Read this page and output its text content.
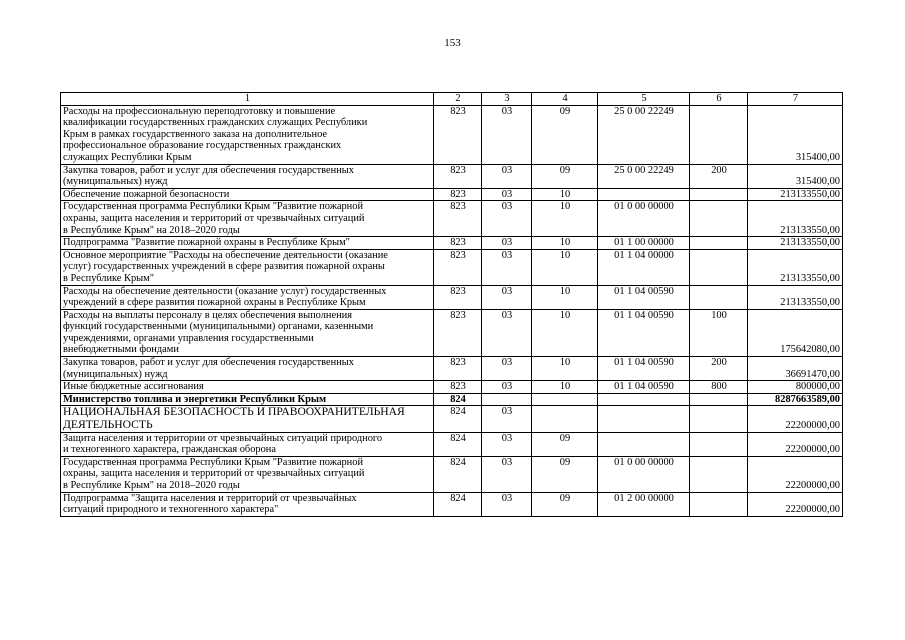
153
1	2	3	4	5	6	7
Расходы на профессиональную переподготовку и повышение
квалификации государственных гражданских служащих Республики
Крым в рамках государственного заказа на дополнительное
профессиональное образование государственных гражданских
служащих Республики Крым	823	03	09	25 0 00 22249		315400,00
Закупка товаров, работ и услуг для обеспечения государственных
(муниципальных) нужд	823	03	09	25 0 00 22249	200	315400,00
Обеспечение пожарной безопасности	823	03	10			213133550,00
Государственная программа Республики Крым "Развитие пожарной
охраны, защита населения и территорий от чрезвычайных ситуаций
в Республике Крым" на 2018–2020 годы	823	03	10	01 0 00 00000		213133550,00
Подпрограмма "Развитие пожарной охраны в Республике Крым"	823	03	10	01 1 00 00000		213133550,00
Основное мероприятие "Расходы на обеспечение деятельности (оказание
услуг) государственных учреждений в сфере развития пожарной охраны
в Республике Крым"	823	03	10	01 1 04 00000		213133550,00
Расходы на обеспечение деятельности (оказание услуг) государственных
учреждений в сфере развития пожарной охраны в Республике Крым	823	03	10	01 1 04 00590		213133550,00
Расходы на выплаты персоналу в целях обеспечения выполнения
функций государственными (муниципальными) органами, казенными
учреждениями, органами управления государственными
внебюджетными фондами	823	03	10	01 1 04 00590	100	175642080,00
Закупка товаров, работ и услуг для обеспечения государственных
(муниципальных) нужд	823	03	10	01 1 04 00590	200	36691470,00
Иные бюджетные ассигнования	823	03	10	01 1 04 00590	800	800000,00
Министерство топлива и энергетики Республики Крым	824					8287663589,00
НАЦИОНАЛЬНАЯ БЕЗОПАСНОСТЬ И ПРАВООХРАНИТЕЛЬНАЯ
ДЕЯТЕЛЬНОСТЬ	824	03				22200000,00
Защита населения и территории от чрезвычайных ситуаций природного
и техногенного характера, гражданская оборона	824	03	09			22200000,00
Государственная программа Республики Крым "Развитие пожарной
охраны, защита населения и территорий от чрезвычайных ситуаций
в Республике Крым" на 2018–2020 годы	824	03	09	01 0 00 00000		22200000,00
Подпрограмма "Защита населения и территорий от чрезвычайных
ситуаций природного и техногенного характера"	824	03	09	01 2 00 00000		22200000,00
